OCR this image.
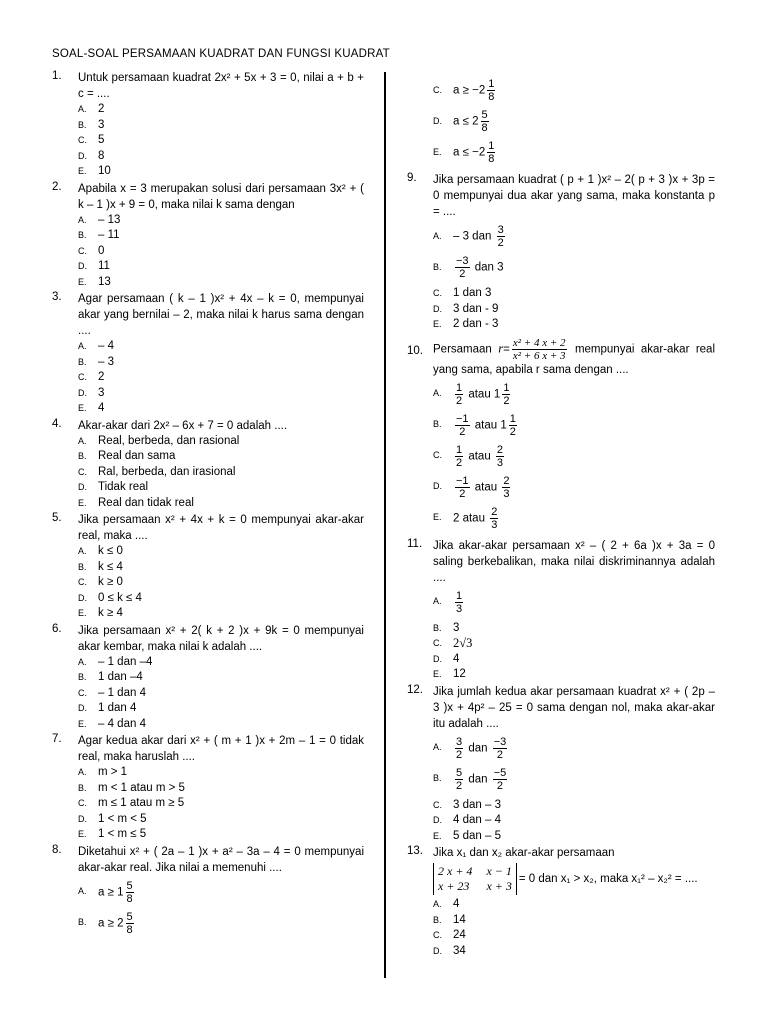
SOAL-SOAL PERSAMAAN KUADRAT DAN FUNGSI KUADRAT
1.	Untuk persamaan kuadrat 2x² + 5x + 3 = 0, nilai a + b + c = ....
A. 2
B. 3
C. 5
D. 8
E. 10
2.	Apabila x = 3 merupakan solusi dari persamaan 3x² + ( k – 1 )x + 9 = 0, maka nilai k sama dengan
A. – 13
B. – 11
C. 0
D. 11
E. 13
3.	Agar persamaan ( k – 1 )x² + 4x – k = 0, mempunyai akar yang bernilai – 2, maka nilai k harus sama dengan ....
A. – 4
B. – 3
C. 2
D. 3
E. 4
4.	Akar-akar dari 2x² – 6x + 7 = 0 adalah ....
A. Real, berbeda, dan rasional
B. Real dan sama
C. Ral, berbeda, dan irasional
D. Tidak real
E. Real dan tidak real
5.	Jika persamaan x² + 4x + k = 0 mempunyai akar-akar real, maka ....
A. k ≤ 0
B. k ≤ 4
C. k ≥ 0
D. 0 ≤ k ≤ 4
E. k ≥ 4
6.	Jika persamaan x² + 2( k + 2 )x + 9k = 0 mempunyai akar kembar, maka nilai k adalah ....
A. – 1 dan –4
B. 1 dan –4
C. – 1 dan 4
D. 1 dan 4
E. – 4 dan 4
7.	Agar kedua akar dari x² + ( m + 1 )x + 2m – 1 = 0 tidak real, maka haruslah ....
A. m > 1
B. m < 1 atau m > 5
C. m ≤ 1 atau m ≥ 5
D. 1 < m < 5
E. 1 < m ≤ 5
8.	Diketahui x² + ( 2a – 1 )x + a² – 3a – 4 = 0 mempunyai akar-akar real. Jika nilai a memenuhi ....
A. $a \ge 1 \frac{5}{8}$
B. $a \ge 2 \frac{5}{8}$
C. $a \ge -2 \frac{1}{8}$
D. $a \le 2 \frac{5}{8}$
E. $a \le -2 \frac{1}{8}$
9.	Jika persamaan kuadrat ( p + 1 )x² – 2( p + 3 )x + 3p = 0 mempunyai dua akar yang sama, maka konstanta p = ....
A. – 3 dan $\frac{3}{2}$
B.	$\frac{-3}{2}$ dan 3
C. 1 dan 3
D. 3 dan - 9
E. 2 dan - 3
10. Persamaan $r= \frac{\text{x² + 4 x + 2}}{\text{x² + 6 x + 3}}$ mempunyai akar-akar real yang sama, apabila r sama dengan ....
A.	$\frac{1}{2}$ atau $1 \frac{1}{2}$
B.	$\frac{-1}{2}$ atau $1 \frac{1}{2}$
C.	$\frac{1}{2}$ atau $\frac{2}{3}$
D.	$\frac{-1}{2}$ atau $\frac{2}{3}$
E. 2 atau $\frac{2}{3}$
11. Jika akar-akar persamaan x² – ( 2 + 6a )x + 3a = 0 saling berkebalikan, maka nilai diskriminannya adalah ....
A.	$\frac{1}{3}$
B. 3
C. 2√3
D. 4
E. 12
12. Jika jumlah kedua akar persamaan kuadrat x² + ( 2p – 3 )x + 4p² – 25 = 0 sama dengan nol, maka akar-akar itu adalah ....
A.	$\frac{3}{2}$ dan $\frac{-3}{2}$
B.	$\frac{5}{2}$ dan $\frac{-5}{2}$
C. 3 dan – 3
D. 4 dan – 4
E. 5 dan – 5
13. Jika x₁ dan x₂ akar-akar persamaan
2 x + 4 x − 1
x + 23 x + 3 = 0 dan x₁ > x₂, maka x₁² – x₂² = ....
A. 4
B. 14
C. 24
D. 34
